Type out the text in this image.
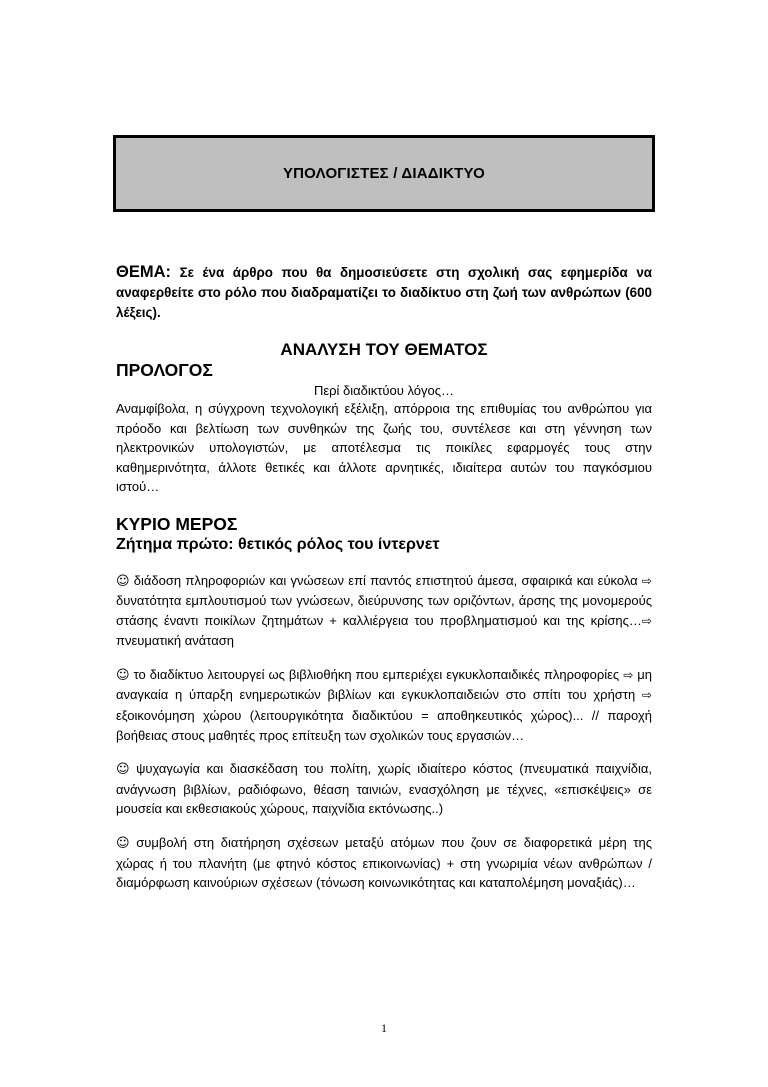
ΥΠΟΛΟΓΙΣΤΕΣ / ΔΙΑΔΙΚΤΥΟ

ΘΕΜΑ: Σε ένα άρθρο που θα δημοσιεύσετε στη σχολική σας εφημερίδα να αναφερθείτε στο ρόλο που διαδραματίζει το διαδίκτυο στη ζωή των ανθρώπων (600 λέξεις).

ΑΝΑΛΥΣΗ ΤΟΥ ΘΕΜΑΤΟΣ
ΠΡΟΛΟΓΟΣ

Περί διαδικτύου λόγος…

Αναμφίβολα, η σύγχρονη τεχνολογική εξέλιξη, απόρροια της επιθυμίας του ανθρώπου για πρόοδο και βελτίωση των συνθηκών της ζωής του, συντέλεσε και στη γέννηση των ηλεκτρονικών υπολογιστών, με αποτέλεσμα τις ποικίλες εφαρμογές τους στην καθημερινότητα, άλλοτε θετικές και άλλοτε αρνητικές, ιδιαίτερα αυτών του παγκόσμιου ιστού…

ΚΥΡΙΟ ΜΕΡΟΣ
Ζήτημα πρώτο: θετικός ρόλος του ίντερνετ

☺ διάδοση πληροφοριών και γνώσεων επί παντός επιστητού άμεσα, σφαιρικά και εύκολα ⇨ δυνατότητα εμπλουτισμού των γνώσεων, διεύρυνσης των οριζόντων, άρσης της μονομερούς στάσης έναντι ποικίλων ζητημάτων + καλλιέργεια του προβληματισμού και της κρίσης…⇨ πνευματική ανάταση

☺ το διαδίκτυο λειτουργεί ως βιβλιοθήκη που εμπεριέχει εγκυκλοπαιδικές πληροφορίες ⇨ μη αναγκαία η ύπαρξη ενημερωτικών βιβλίων και εγκυκλοπαιδειών στο σπίτι του χρήστη ⇨ εξοικονόμηση χώρου (λειτουργικότητα διαδικτύου = αποθηκευτικός χώρος)... // παροχή βοήθειας στους μαθητές προς επίτευξη των σχολικών τους εργασιών…

☺ ψυχαγωγία και διασκέδαση του πολίτη, χωρίς ιδιαίτερο κόστος (πνευματικά παιχνίδια, ανάγνωση βιβλίων, ραδιόφωνο, θέαση ταινιών, ενασχόληση με τέχνες, «επισκέψεις» σε μουσεία και εκθεσιακούς χώρους, παιχνίδια εκτόνωσης..)

☺ συμβολή στη διατήρηση σχέσεων μεταξύ ατόμων που ζουν σε διαφορετικά μέρη της χώρας ή του πλανήτη (με φτηνό κόστος επικοινωνίας) + στη γνωριμία νέων ανθρώπων / διαμόρφωση καινούριων σχέσεων (τόνωση κοινωνικότητας και καταπολέμηση μοναξιάς)…

1
